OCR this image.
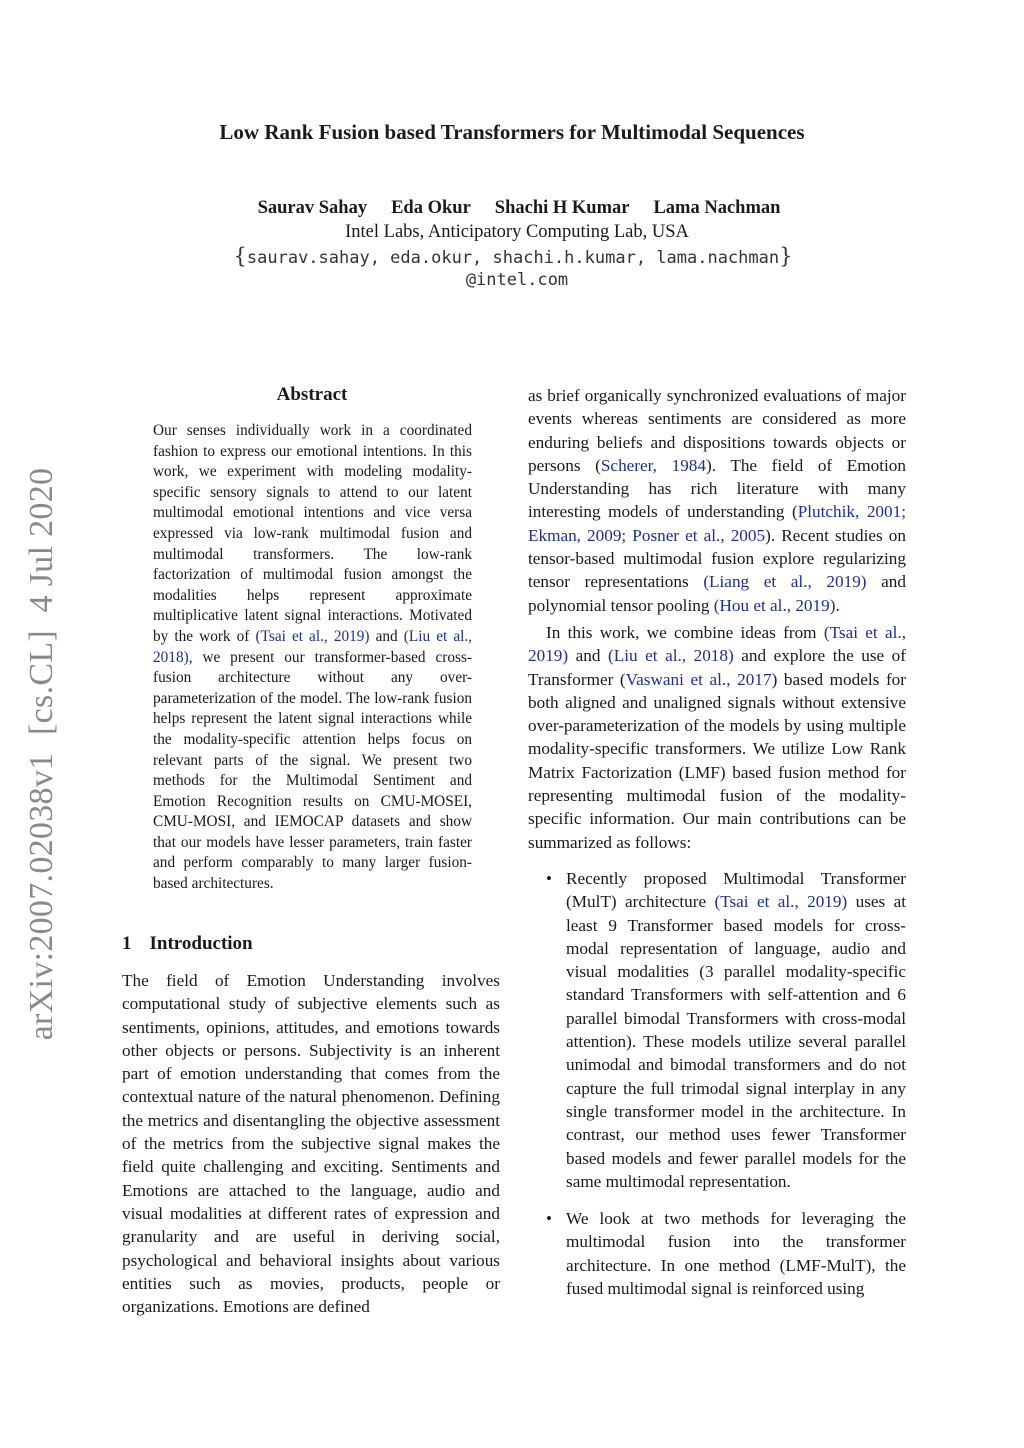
arXiv:2007.02038v1  [cs.CL]  4 Jul 2020
Low Rank Fusion based Transformers for Multimodal Sequences
Saurav Sahay Eda Okur Shachi H Kumar Lama Nachman
Intel Labs, Anticipatory Computing Lab, USA
{saurav.sahay, eda.okur, shachi.h.kumar, lama.nachman}
@intel.com
Abstract
Our senses individually work in a coordinated fashion to express our emotional intentions. In this work, we experiment with modeling modality-specific sensory signals to attend to our latent multimodal emotional intentions and vice versa expressed via low-rank multimodal fusion and multimodal transformers. The low-rank factorization of multimodal fusion amongst the modalities helps represent approximate multiplicative latent signal interactions. Motivated by the work of (Tsai et al., 2019) and (Liu et al., 2018), we present our transformer-based cross-fusion architecture without any over-parameterization of the model. The low-rank fusion helps represent the latent signal interactions while the modality-specific attention helps focus on relevant parts of the signal. We present two methods for the Multimodal Sentiment and Emotion Recognition results on CMU-MOSEI, CMU-MOSI, and IEMOCAP datasets and show that our models have lesser parameters, train faster and perform comparably to many larger fusion-based architectures.
1 Introduction
The field of Emotion Understanding involves computational study of subjective elements such as sentiments, opinions, attitudes, and emotions towards other objects or persons. Subjectivity is an inherent part of emotion understanding that comes from the contextual nature of the natural phenomenon. Defining the metrics and disentangling the objective assessment of the metrics from the subjective signal makes the field quite challenging and exciting. Sentiments and Emotions are attached to the language, audio and visual modalities at different rates of expression and granularity and are useful in deriving social, psychological and behavioral insights about various entities such as movies, products, people or organizations. Emotions are defined

as brief organically synchronized evaluations of major events whereas sentiments are considered as more enduring beliefs and dispositions towards objects or persons (Scherer, 1984). The field of Emotion Understanding has rich literature with many interesting models of understanding (Plutchik, 2001; Ekman, 2009; Posner et al., 2005). Recent studies on tensor-based multimodal fusion explore regularizing tensor representations (Liang et al., 2019) and polynomial tensor pooling (Hou et al., 2019).

In this work, we combine ideas from (Tsai et al., 2019) and (Liu et al., 2018) and explore the use of Transformer (Vaswani et al., 2017) based models for both aligned and unaligned signals without extensive over-parameterization of the models by using multiple modality-specific transformers. We utilize Low Rank Matrix Factorization (LMF) based fusion method for representing multimodal fusion of the modality-specific information. Our main contributions can be summarized as follows:

• Recently proposed Multimodal Transformer (MulT) architecture (Tsai et al., 2019) uses at least 9 Transformer based models for cross-modal representation of language, audio and visual modalities (3 parallel modality-specific standard Transformers with self-attention and 6 parallel bimodal Transformers with cross-modal attention). These models utilize several parallel unimodal and bimodal transformers and do not capture the full trimodal signal interplay in any single transformer model in the architecture. In contrast, our method uses fewer Transformer based models and fewer parallel models for the same multimodal representation.
• We look at two methods for leveraging the multimodal fusion into the transformer architecture. In one method (LMF-MulT), the fused multimodal signal is reinforced using
